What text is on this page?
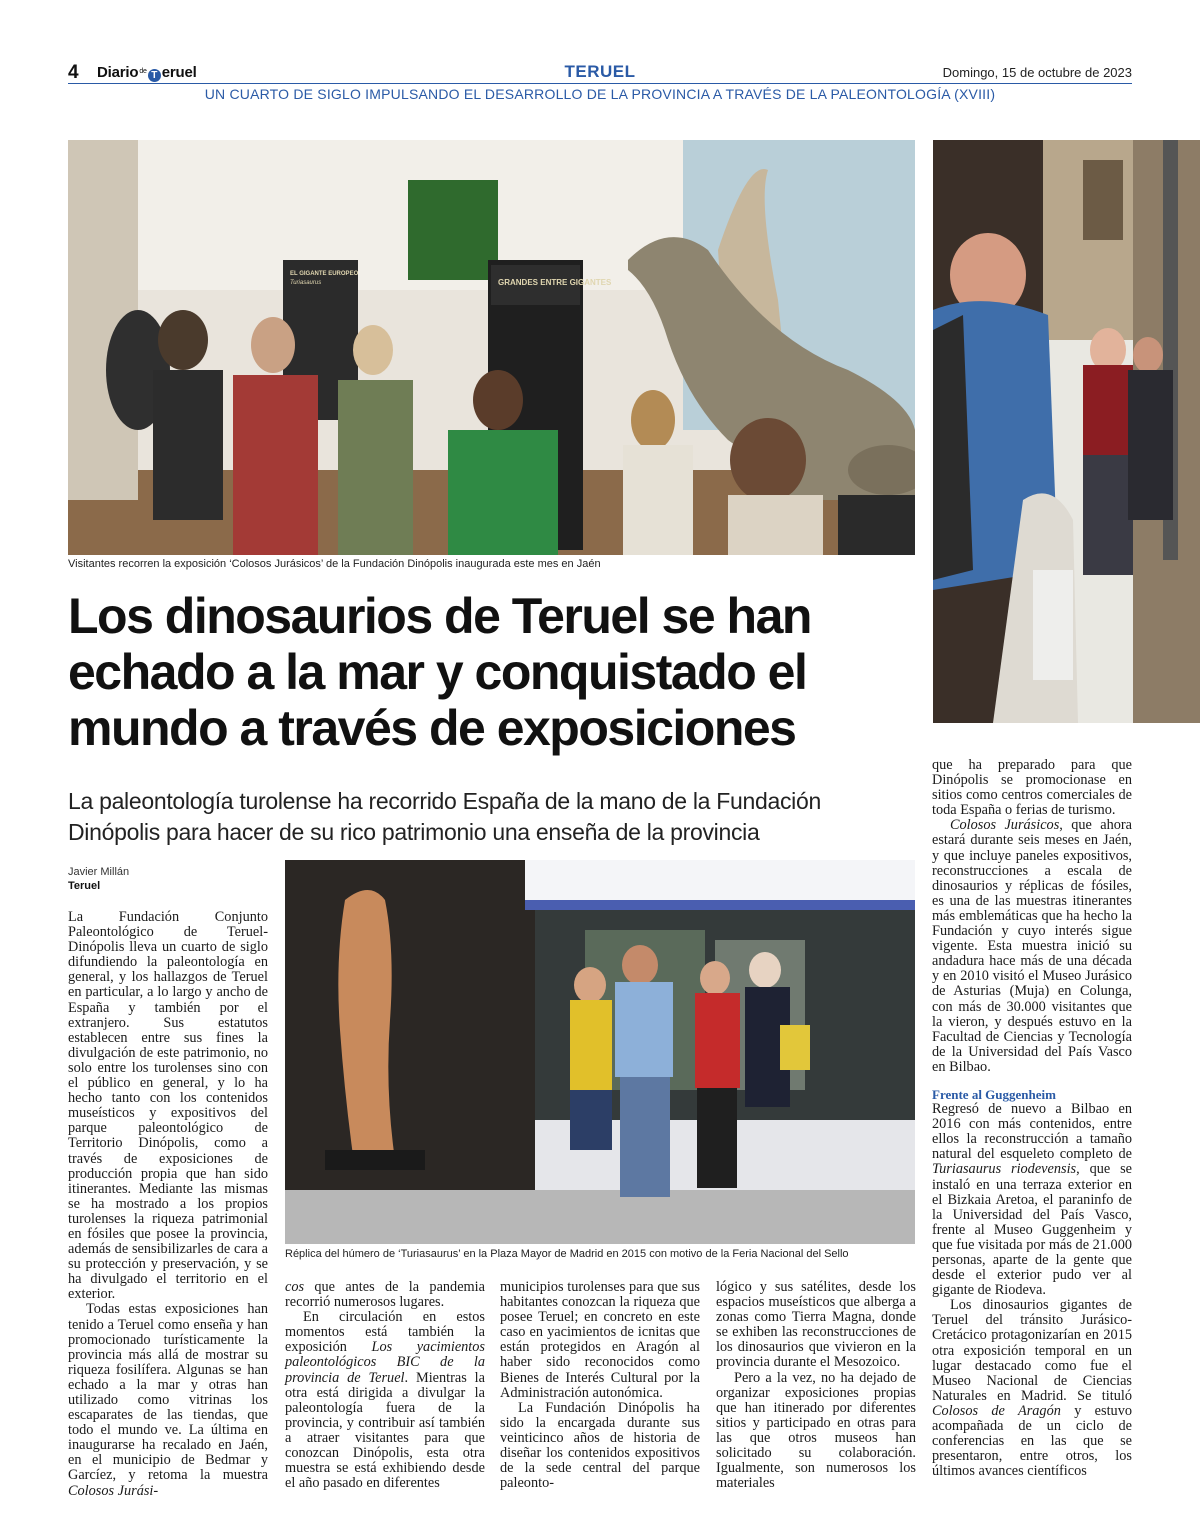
4 Diario$^{de}$ T eruel	TERUEL	Domingo, 15 de octubre de 2023
UN CUARTO DE SIGLO IMPULSANDO EL DESARROLLO DE LA PROVINCIA A TRAVÉS DE LA PALEONTOLOGÍA (XVIII)
GRANDES ENTRE GIGANTES
EL GIGANTE EUROPEO
Turiasaurus
Visitantes recorren la exposición ‘Colosos Jurásicos’ de la Fundación Dinópolis inaugurada este mes en Jaén
Los dinosaurios de Teruel se han echado a la mar y conquistado el mundo a través de exposiciones
La paleontología turolense ha recorrido España de la mano de la Fundación Dinópolis para hacer de su rico patrimonio una enseña de la provincia
Réplica del húmero de ‘Turiasaurus’ en la Plaza Mayor de Madrid en 2015 con motivo de la Feria Nacional del Sello
Javier Millán
Teruel

La Fundación Conjunto Paleontológico de Teruel-Dinópolis lleva un cuarto de siglo difundiendo la paleontología en general, y los hallazgos de Teruel en particular, a lo largo y ancho de España y también por el extranjero. Sus estatutos establecen entre sus fines la divulgación de este patrimonio, no solo entre los turolenses sino con el público en general, y lo ha hecho tanto con los contenidos museísticos y expositivos del parque paleontológico de Territorio Dinópolis, como a través de exposiciones de producción propia que han sido itinerantes. Mediante las mismas se ha mostrado a los propios turolenses la riqueza patrimonial en fósiles que posee la provincia, además de sensibilizarles de cara a su protección y preservación, y se ha divulgado el territorio en el exterior.

Todas estas exposiciones han tenido a Teruel como enseña y han promocionado turísticamente la provincia más allá de mostrar su riqueza fosilífera. Algunas se han echado a la mar y otras han utilizado como vitrinas los escaparates de las tiendas, que todo el mundo ve. La última en inaugurarse ha recalado en Jaén, en el municipio de Bedmar y Garcíez, y retoma la muestra Colosos Jurási-

cos que antes de la pandemia recorrió numerosos lugares.

En circulación en estos momentos está también la exposición Los yacimientos paleontológicos BIC de la provincia de Teruel. Mientras la otra está dirigida a divulgar la paleontología fuera de la provincia, y contribuir así también a atraer visitantes para que conozcan Dinópolis, esta otra muestra se está exhibiendo desde el año pasado en diferentes

municipios turolenses para que sus habitantes conozcan la riqueza que posee Teruel; en concreto en este caso en yacimientos de icnitas que están protegidos en Aragón al haber sido reconocidos como Bienes de Interés Cultural por la Administración autonómica.

La Fundación Dinópolis ha sido la encargada durante sus veinticinco años de historia de diseñar los contenidos expositivos de la sede central del parque paleonto-

lógico y sus satélites, desde los espacios museísticos que alberga a zonas como Tierra Magna, donde se exhiben las reconstrucciones de los dinosaurios que vivieron en la provincia durante el Mesozoico.

Pero a la vez, no ha dejado de organizar exposiciones propias que han itinerado por diferentes sitios y participado en otras para las que otros museos han solicitado su colaboración. Igualmente, son numerosos los materiales

que ha preparado para que Dinópolis se promocionase en sitios como centros comerciales de toda España o ferias de turismo.

Colosos Jurásicos, que ahora estará durante seis meses en Jaén, y que incluye paneles expositivos, reconstrucciones a escala de dinosaurios y réplicas de fósiles, es una de las muestras itinerantes más emblemáticas que ha hecho la Fundación y cuyo interés sigue vigente. Esta muestra inició su andadura hace más de una década y en 2010 visitó el Museo Jurásico de Asturias (Muja) en Colunga, con más de 30.000 visitantes que la vieron, y después estuvo en la Facultad de Ciencias y Tecnología de la Universidad del País Vasco en Bilbao.

Frente al Guggenheim

Regresó de nuevo a Bilbao en 2016 con más contenidos, entre ellos la reconstrucción a tamaño natural del esqueleto completo de Turiasaurus riodevensis, que se instaló en una terraza exterior en el Bizkaia Aretoa, el paraninfo de la Universidad del País Vasco, frente al Museo Guggenheim y que fue visitada por más de 21.000 personas, aparte de la gente que desde el exterior pudo ver al gigante de Riodeva.

Los dinosaurios gigantes de Teruel del tránsito Jurásico-Cretácico protagonizarían en 2015 otra exposición temporal en un lugar destacado como fue el Museo Nacional de Ciencias Naturales en Madrid. Se tituló Colosos de Aragón y estuvo acompañada de un ciclo de conferencias en las que se presentaron, entre otros, los últimos avances científicos
